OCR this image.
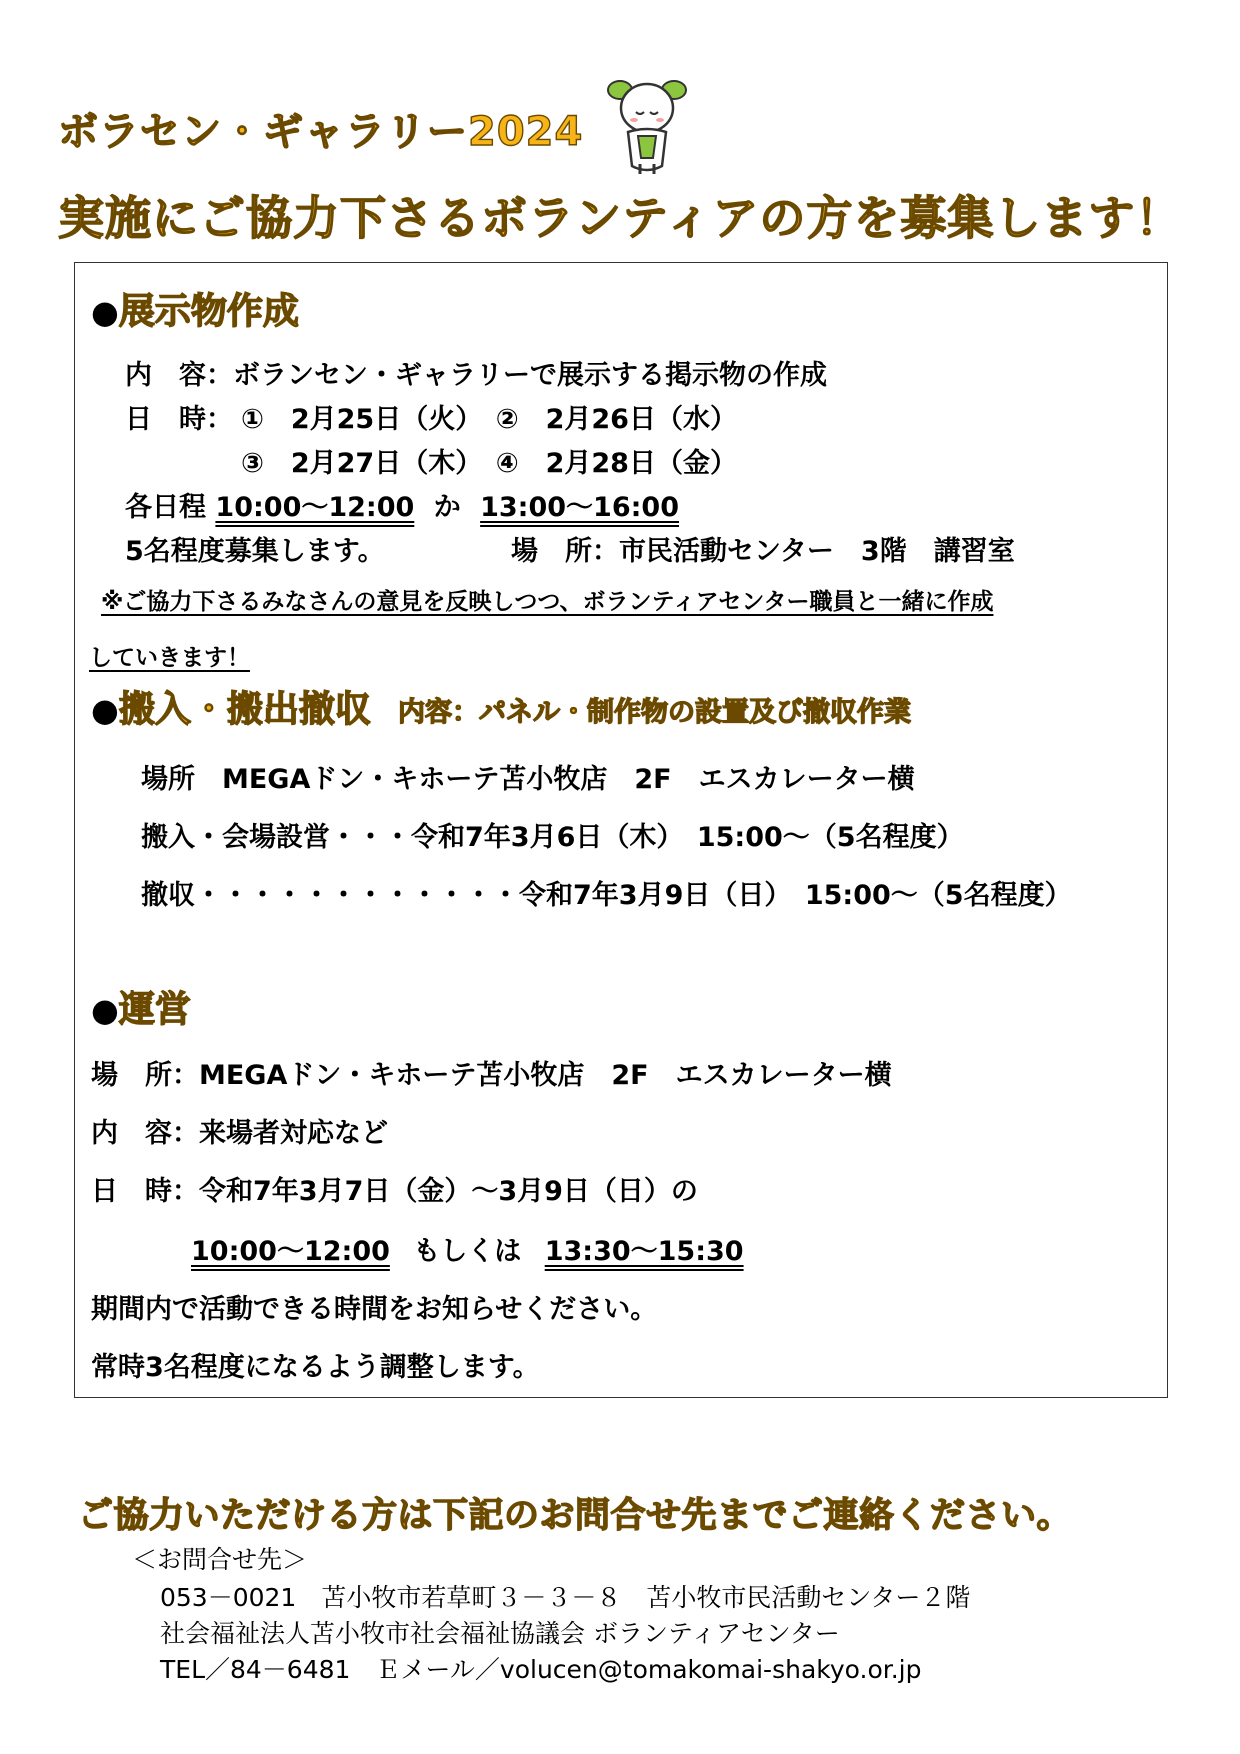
ボラセン・ギャラリー2024
実施にご協力下さるボランティアの方を募集します！
●展示物作成
内　容：ボランセン・ギャラリーで展示する掲示物の作成
日　時： ①　2月25日（火）　②　2月26日（水）
③　2月27日（木）　④　2月28日（金）
各日程 10:00～12:00 か 13:00～16:00
5名程度募集します。	場　所：市民活動センター　3階　講習室
※ご協力下さるみなさんの意見を反映しつつ、ボランティアセンター職員と一緒に作成
していきます！
●搬入・搬出撤収 内容：パネル・制作物の設置及び撤収作業
場所　MEGAドン・キホーテ苫小牧店　2F　エスカレーター横
搬入・会場設営・・・令和7年3月6日（木）　15:00～（5名程度）
撤収・・・・・・・・・・・・令和7年3月9日（日）　15:00～（5名程度）
●運営
場　所：MEGAドン・キホーテ苫小牧店　2F　エスカレーター横
内　容：来場者対応など
日　時：令和7年3月7日（金）～3月9日（日）の
10:00～12:00 もしくは 13:30～15:30
期間内で活動できる時間をお知らせください。
常時3名程度になるよう調整します。
ご協力いただける方は下記のお問合せ先までご連絡ください。
＜お問合せ先＞
053－0021　苫小牧市若草町３－３－８　苫小牧市民活動センター２階
社会福祉法人苫小牧市社会福祉協議会 ボランティアセンター
TEL／84－6481　Ｅメール／volucen@tomakomai-shakyo.or.jp
